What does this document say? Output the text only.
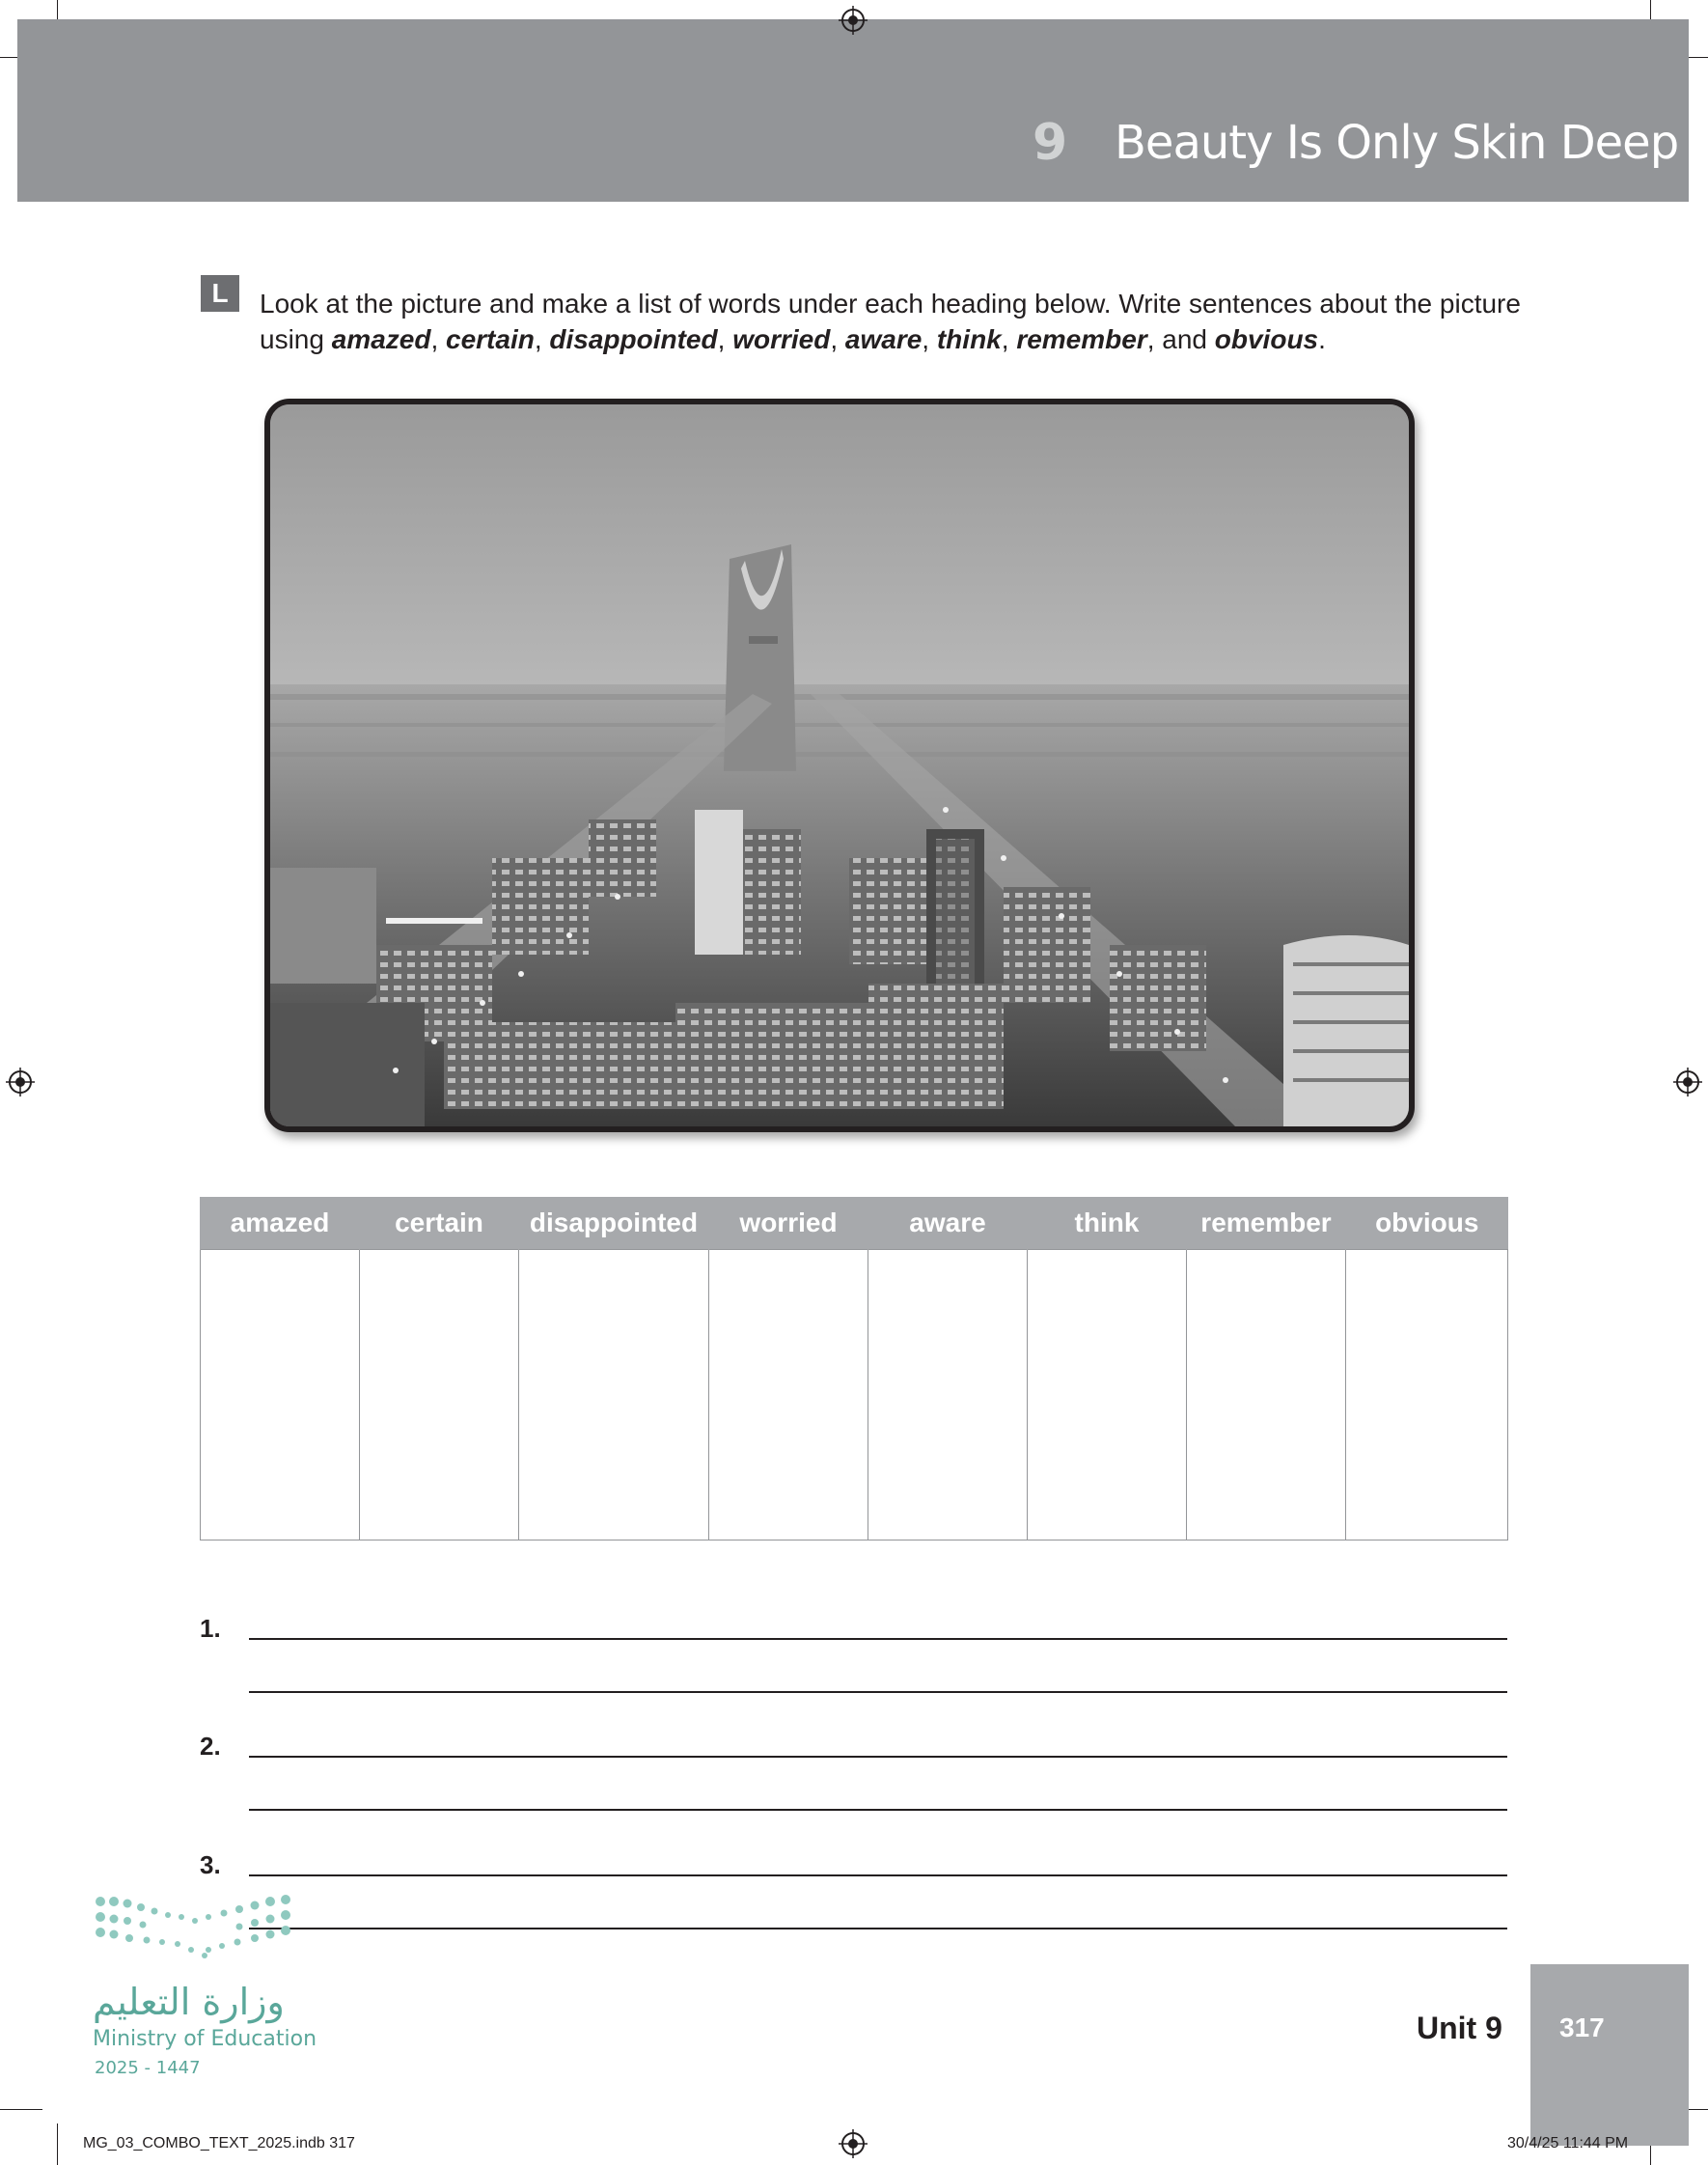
9 Beauty Is Only Skin Deep
L	Look at the picture and make a list of words under each heading below. Write sentences about the picture using amazed, certain, disappointed, worried, aware, think, remember, and obvious.
amazed	certain	disappointed	worried	aware	think	remember	obvious

1.
2.
3.
وزارة التعليم
Ministry of Education
2025 - 1447
Unit 9 317
MG_03_COMBO_TEXT_2025.indb 317	30/4/25 11:44 PM
